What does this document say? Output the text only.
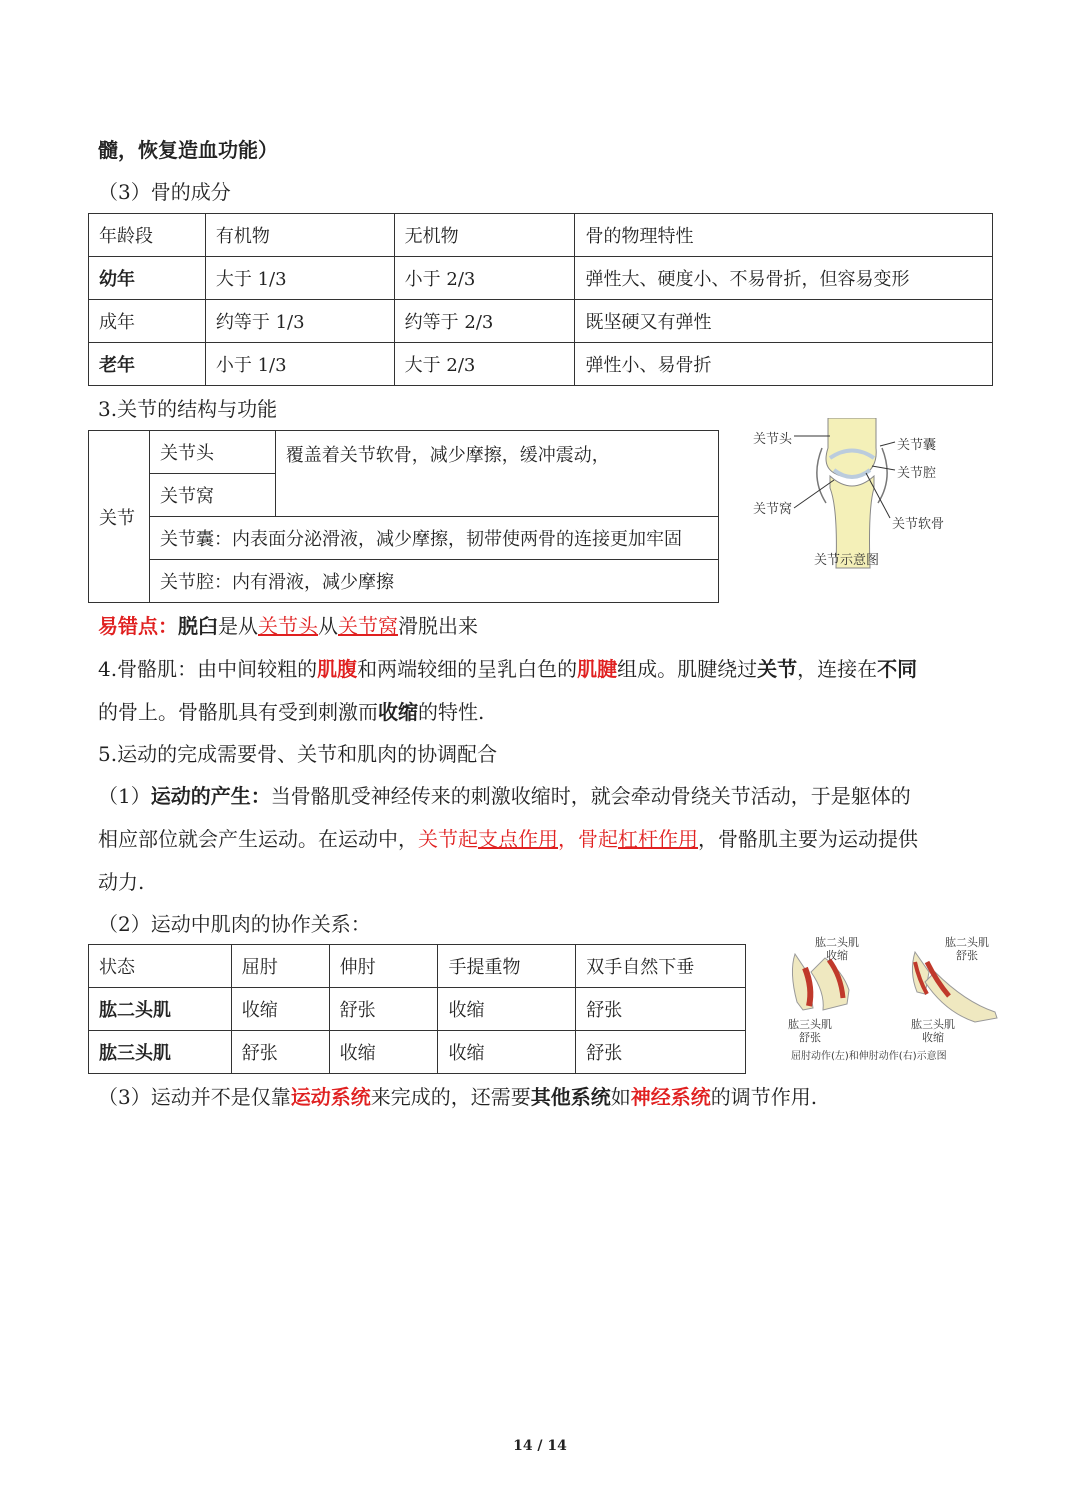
髓，恢复造血功能）
（3）骨的成分
年龄段	有机物	无机物	骨的物理特性
幼年	大于 1/3	小于 2/3	弹性大、硬度小、不易骨折，但容易变形
成年	约等于 1/3	约等于 2/3	既坚硬又有弹性
老年	小于 1/3	大于 2/3	弹性小、易骨折
3.关节的结构与功能
关节	关节头	覆盖着关节软骨，减少摩擦，缓冲震动，
关节窝
关节囊：内表面分泌滑液，减少摩擦，韧带使两骨的连接更加牢固
关节腔：内有滑液，减少摩擦
关节头	关节囊
关节腔
关节窝
关节软骨
关节示意图
易错点：脱臼是从关节头从关节窝滑脱出来
4.骨骼肌：由中间较粗的肌腹和两端较细的呈乳白色的肌腱组成。肌腱绕过关节，连接在不同
的骨上。骨骼肌具有受到刺激而收缩的特性.
5.运动的完成需要骨、关节和肌肉的协调配合
（1）运动的产生：当骨骼肌受神经传来的刺激收缩时，就会牵动骨绕关节活动，于是躯体的
相应部位就会产生运动。在运动中，关节起支点作用，骨起杠杆作用，骨骼肌主要为运动提供
动力.
（2）运动中肌肉的协作关系：
状态	屈肘	伸肘	手提重物	双手自然下垂
肱二头肌	收缩	舒张	收缩	舒张
肱三头肌	舒张	收缩	收缩	舒张
肱二头肌
收缩
肱三头肌
舒张
肱二头肌
舒张
肱三头肌
收缩
屈肘动作(左)和伸肘动作(右)示意图
（3）运动并不是仅靠运动系统来完成的，还需要其他系统如神经系统的调节作用.
14 / 14
